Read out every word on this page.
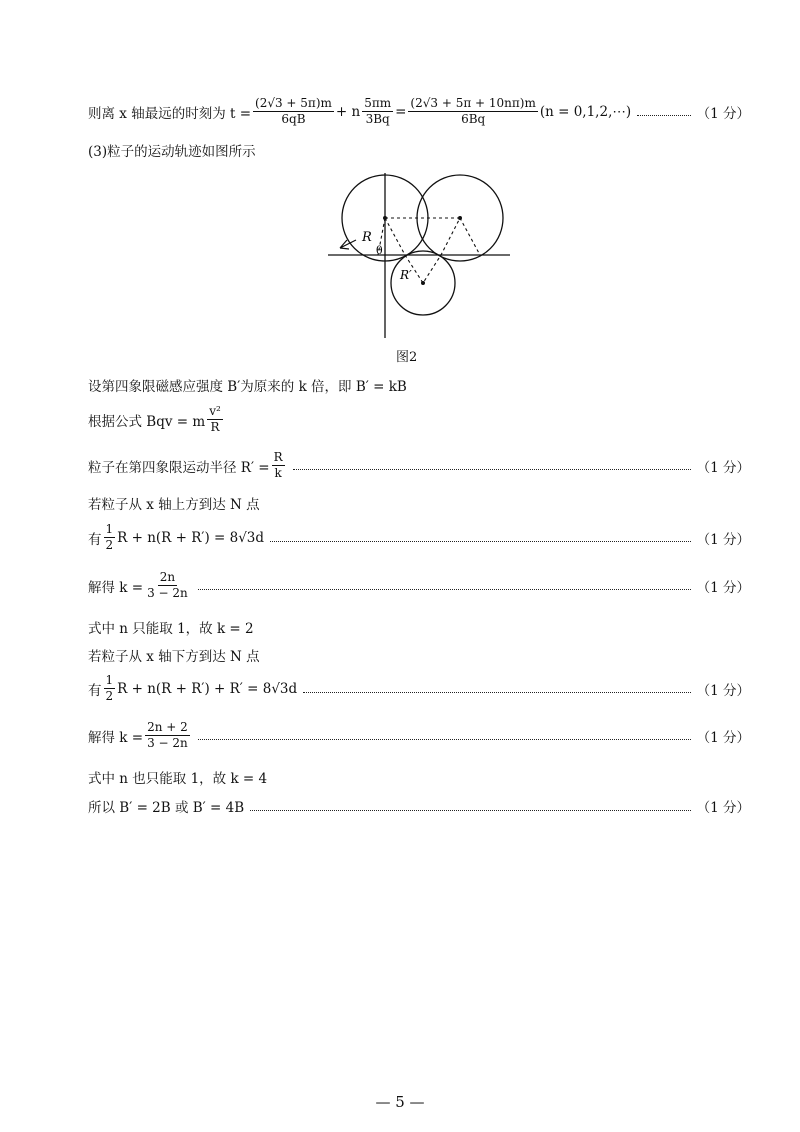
则离 x 轴最远的时刻为 $t = \frac{(2√3 + 5\pi)m}{6qB} + n \frac{5\pi m}{3Bq} = \frac{(2√3 + 5\pi + 10n\pi)m}{6Bq} (n$ = 0,1,2,⋯)	（1 分）
(3)粒子的运动轨迹如图所示
R
θ
R′
图2
设第四象限磁感应强度 B′为原来的 k 倍，即 B′ = kB
根据公式 Bqv = m $\frac{\text{v²}}{R}$
粒子在第四象限运动半径 $R' = \frac{R}{k}$	（1 分）
若粒子从 x 轴上方到达 N 点
有 $\frac{1}{2}$ R + n(R + R′) = 8√3d	（1 分）
解得 $k = \frac{2n}{3 - 2n}$	（1 分）
式中 n 只能取 1，故 k = 2
若粒子从 x 轴下方到达 N 点
有 $\frac{1}{2}$ R + n(R + R′) + R′ = 8√3d	（1 分）
解得 $k = \frac{2n + 2}{3 - 2n}$	（1 分）
式中 n 也只能取 1，故 k = 4
所以 B′ = 2B 或 B′ = 4B	（1 分）
— 5 —
